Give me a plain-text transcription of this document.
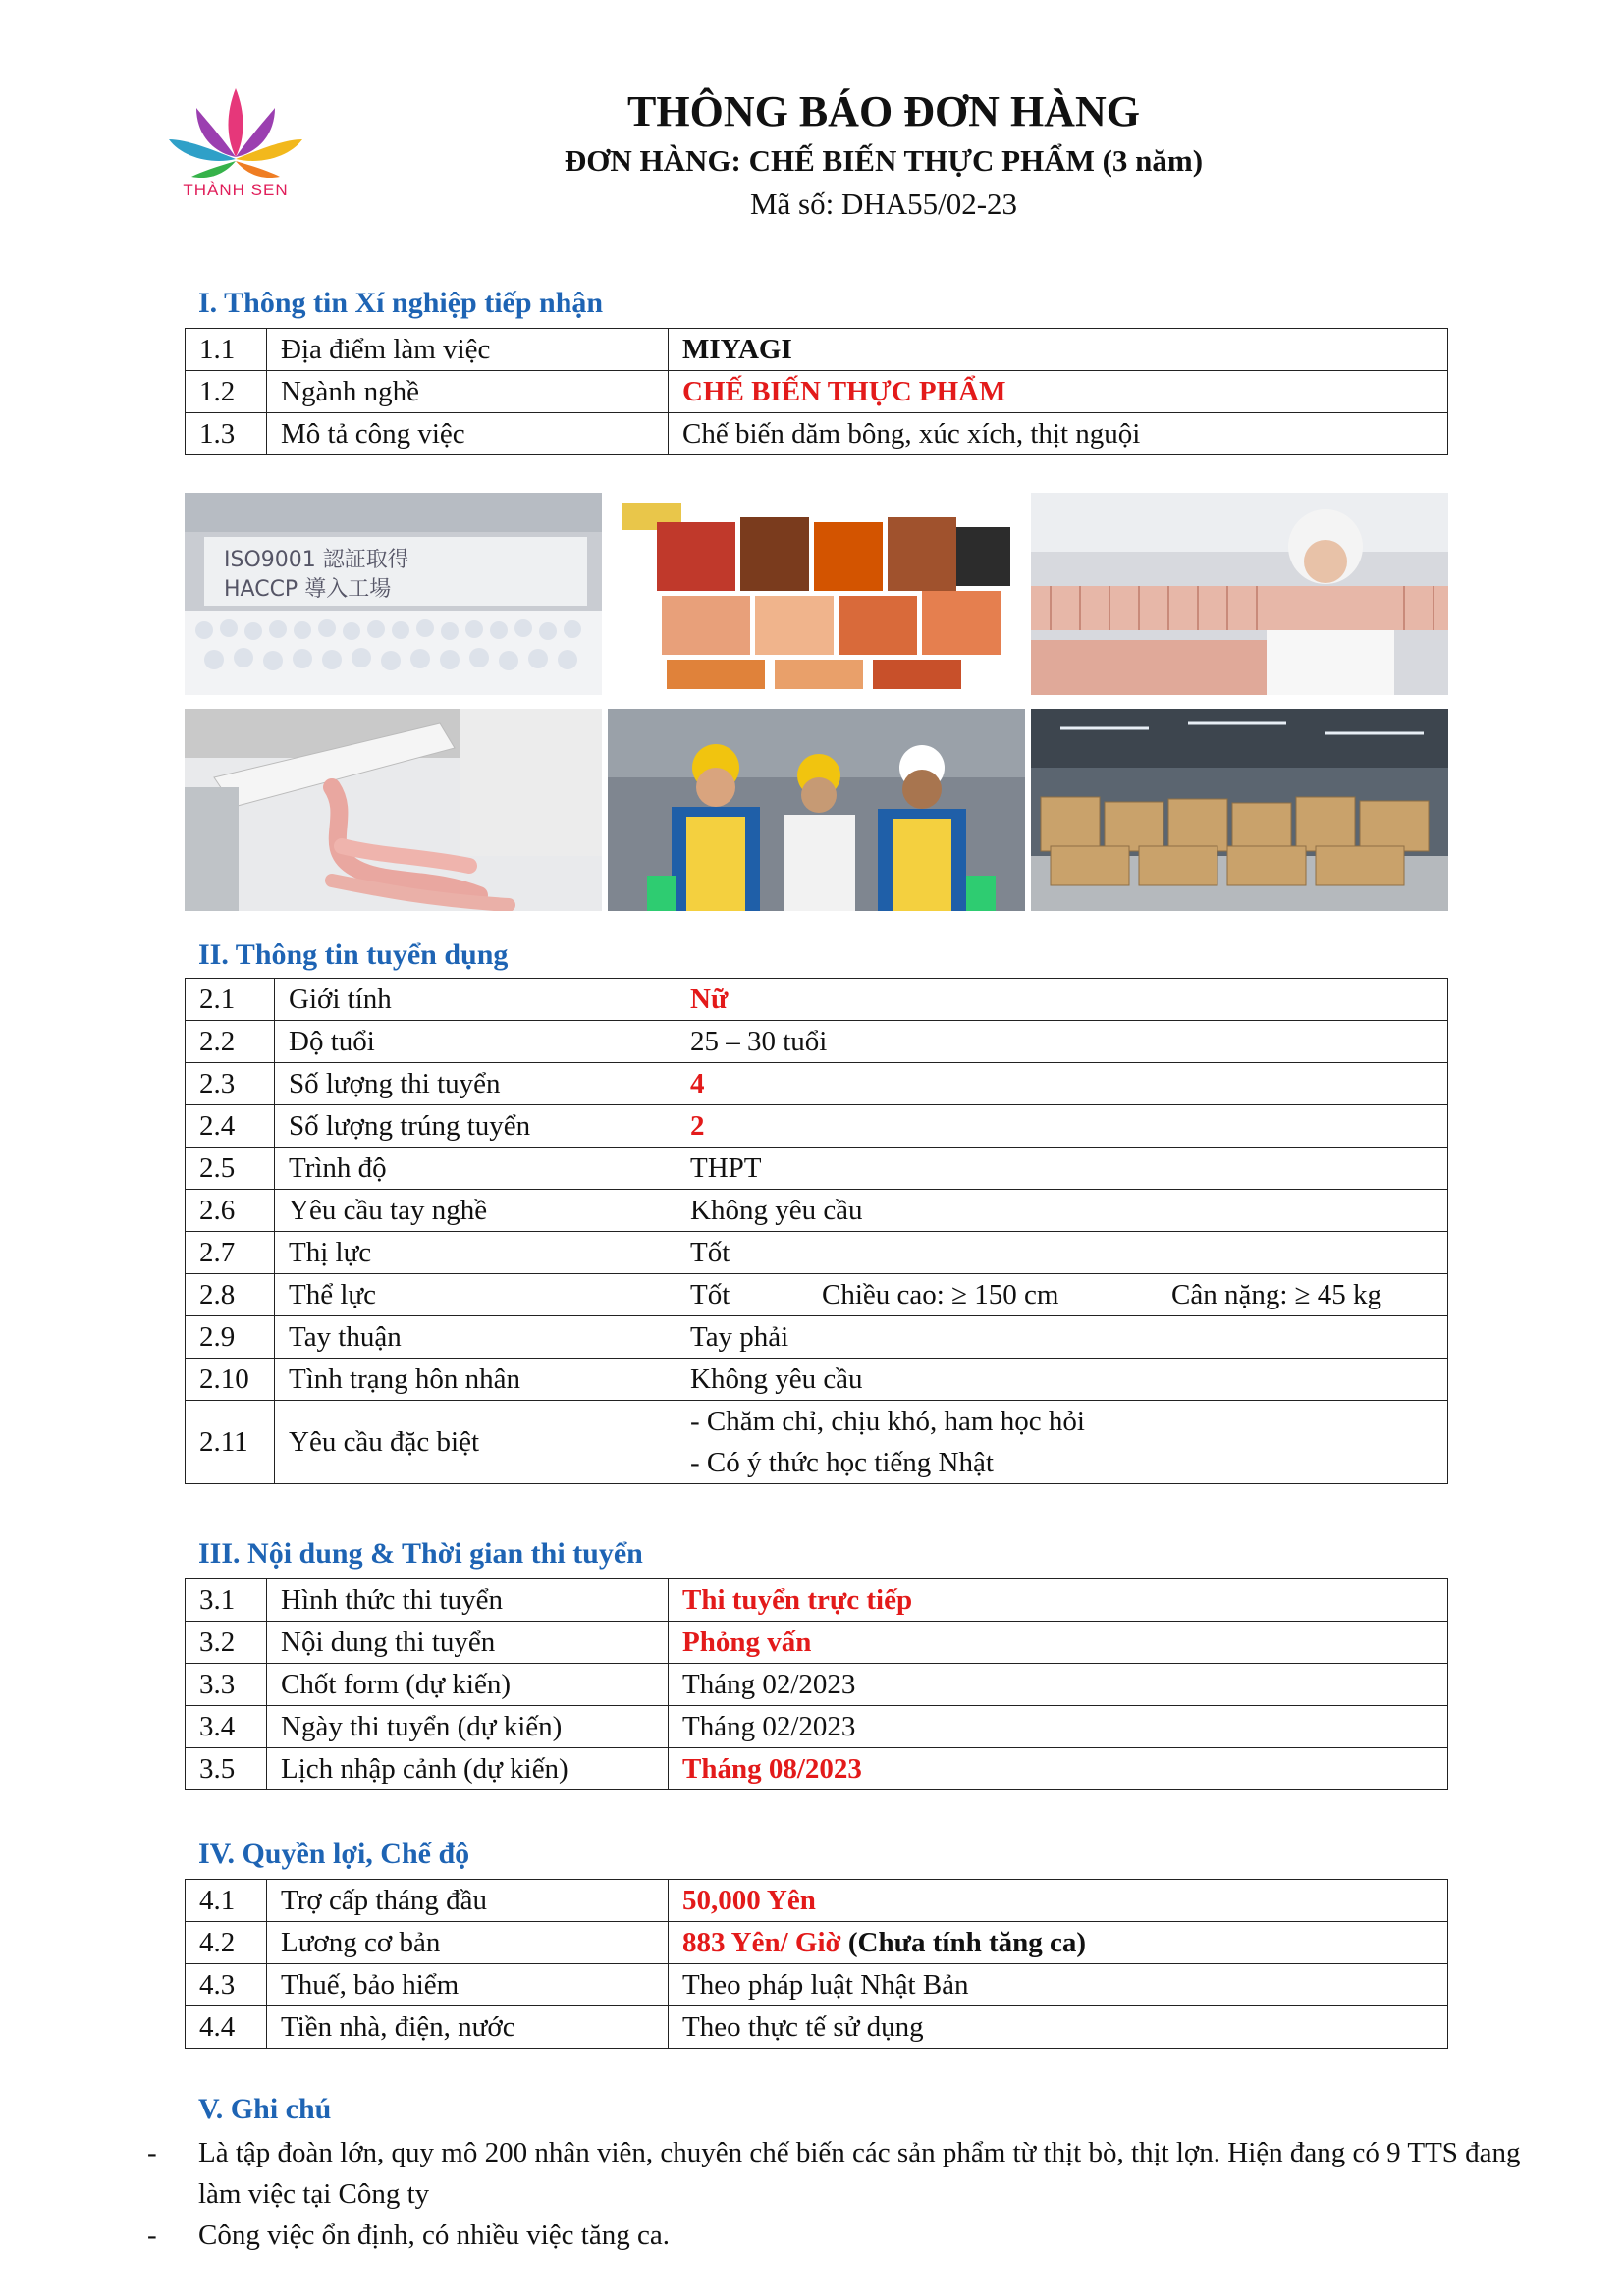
THÀNH SEN
THÔNG BÁO ĐƠN HÀNG
ĐƠN HÀNG: CHẾ BIẾN THỰC PHẨM (3 năm)
Mã số: DHA55/02-23
I. Thông tin Xí nghiệp tiếp nhận
1.1	Địa điểm làm việc	MIYAGI
1.2	Ngành nghề	CHẾ BIẾN THỰC PHẨM
1.3	Mô tả công việc	Chế biến dăm bông, xúc xích, thịt nguội
ISO9001 認証取得
HACCP 導入工場
II. Thông tin tuyển dụng
2.1	Giới tính	Nữ
2.2	Độ tuổi	25 – 30 tuổi
2.3	Số lượng thi tuyển	4
2.4	Số lượng trúng tuyển	2
2.5	Trình độ	THPT
2.6	Yêu cầu tay nghề	Không yêu cầu
2.7	Thị lực	Tốt
2.8	Thể lực	Tốt Chiều cao: ≥ 150 cm Cân nặng: ≥ 45 kg
2.9	Tay thuận	Tay phải
2.10	Tình trạng hôn nhân	Không yêu cầu
2.11	Yêu cầu đặc biệt	- Chăm chỉ, chịu khó, ham học hỏi
- Có ý thức học tiếng Nhật
III. Nội dung & Thời gian thi tuyển
3.1	Hình thức thi tuyển	Thi tuyển trực tiếp
3.2	Nội dung thi tuyển	Phỏng vấn
3.3	Chốt form (dự kiến)	Tháng 02/2023
3.4	Ngày thi tuyển (dự kiến)	Tháng 02/2023
3.5	Lịch nhập cảnh (dự kiến)	Tháng 08/2023
IV. Quyền lợi, Chế độ
4.1	Trợ cấp tháng đầu	50,000 Yên
4.2	Lương cơ bản	883 Yên/ Giờ (Chưa tính tăng ca)
4.3	Thuế, bảo hiểm	Theo pháp luật Nhật Bản
4.4	Tiền nhà, điện, nước	Theo thực tế sử dụng
V. Ghi chú
- Là tập đoàn lớn, quy mô 200 nhân viên, chuyên chế biến các sản phẩm từ thịt bò, thịt lợn. Hiện đang có 9 TTS đang làm việc tại Công ty
- Công việc ổn định, có nhiều việc tăng ca.
